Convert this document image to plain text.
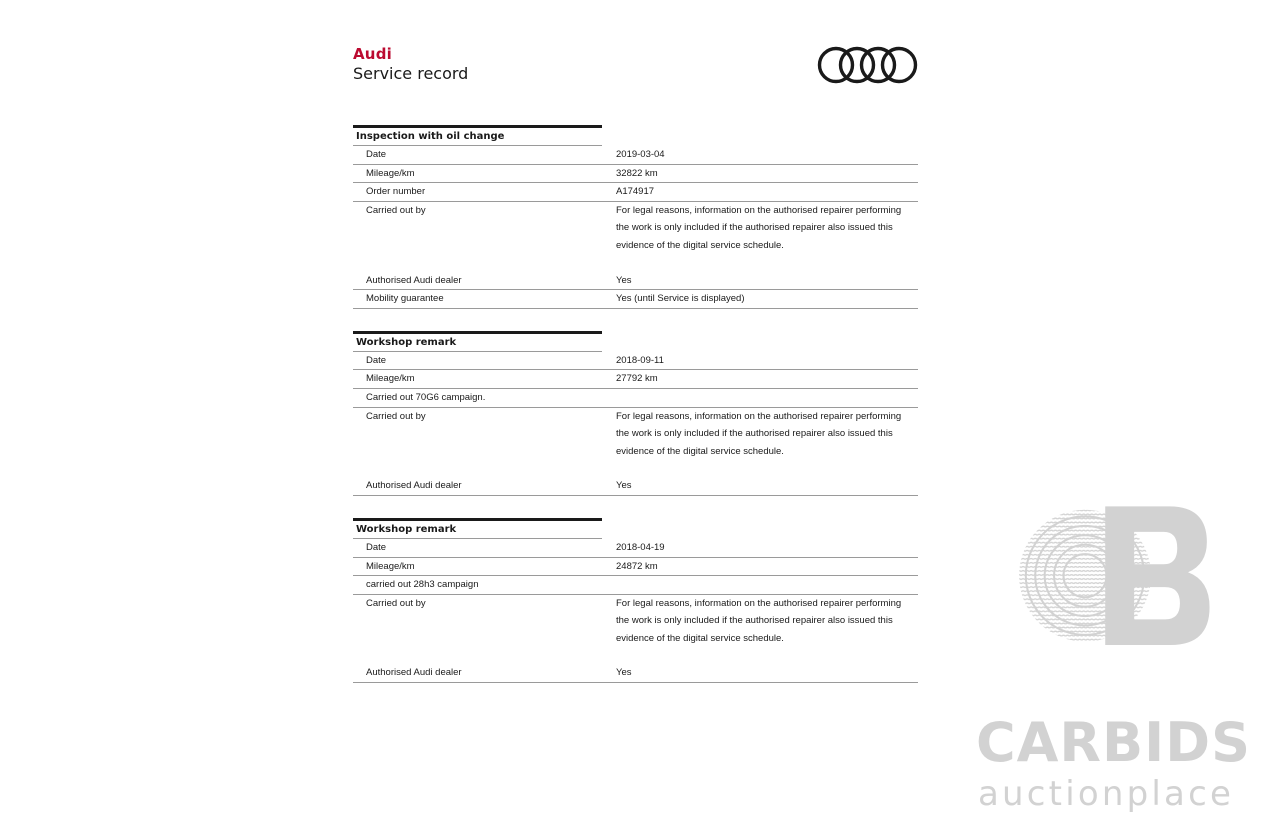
Audi
Service record
Inspection with oil change
Date	2019-03-04
Mileage/km	32822 km
Order number	A174917
Carried out by	For legal reasons, information on the authorised repairer performing the work is only included if the authorised repairer also issued this evidence of the digital service schedule.
Authorised Audi dealer	Yes
Mobility guarantee	Yes (until Service is displayed)
Workshop remark
Date	2018-09-11
Mileage/km	27792 km
Carried out 70G6 campaign.
Carried out by	For legal reasons, information on the authorised repairer performing the work is only included if the authorised repairer also issued this evidence of the digital service schedule.
Authorised Audi dealer	Yes
Workshop remark
Date	2018-04-19
Mileage/km	24872 km
carried out 28h3 campaign
Carried out by	For legal reasons, information on the authorised repairer performing the work is only included if the authorised repairer also issued this evidence of the digital service schedule.
Authorised Audi dealer	Yes
CARBIDS
auctionplace
